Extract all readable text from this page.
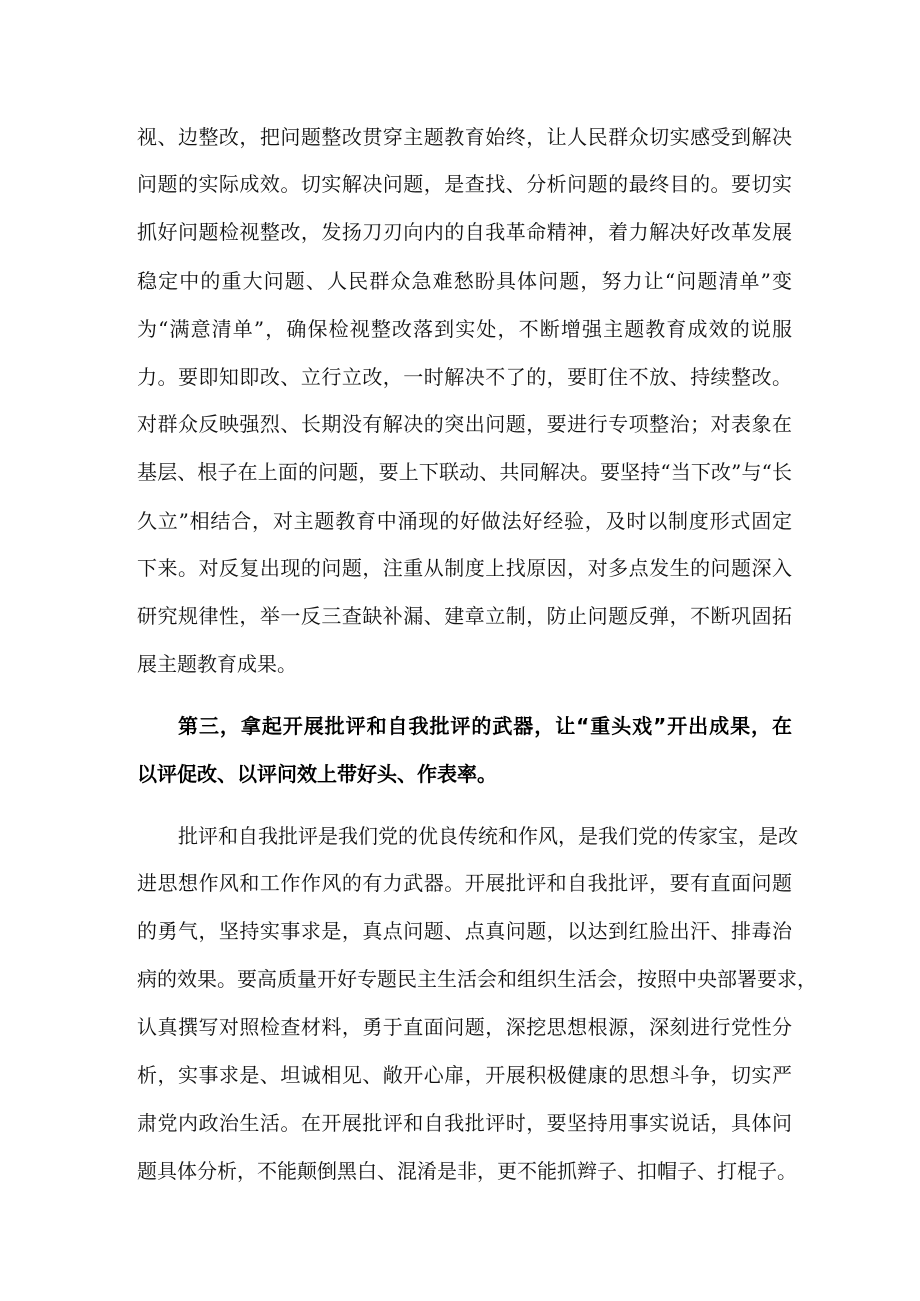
视、边整改，把问题整改贯穿主题教育始终，让人民群众切实感受到解决
问题的实际成效。切实解决问题，是查找、分析问题的最终目的。要切实
抓好问题检视整改，发扬刀刃向内的自我革命精神，着力解决好改革发展
稳定中的重大问题、人民群众急难愁盼具体问题，努力让“问题清单”变
为“满意清单”，确保检视整改落到实处，不断增强主题教育成效的说服
力。要即知即改、立行立改，一时解决不了的，要盯住不放、持续整改。
对群众反映强烈、长期没有解决的突出问题，要进行专项整治；对表象在
基层、根子在上面的问题，要上下联动、共同解决。要坚持“当下改”与“长
久立”相结合，对主题教育中涌现的好做法好经验，及时以制度形式固定
下来。对反复出现的问题，注重从制度上找原因，对多点发生的问题深入
研究规律性，举一反三查缺补漏、建章立制，防止问题反弹，不断巩固拓
展主题教育成果。
第三，拿起开展批评和自我批评的武器，让“重头戏”开出成果，在
以评促改、以评问效上带好头、作表率。
批评和自我批评是我们党的优良传统和作风，是我们党的传家宝，是改
进思想作风和工作作风的有力武器。开展批评和自我批评，要有直面问题
的勇气，坚持实事求是，真点问题、点真问题，以达到红脸出汗、排毒治
病的效果。要高质量开好专题民主生活会和组织生活会，按照中央部署要求，
认真撰写对照检查材料，勇于直面问题，深挖思想根源，深刻进行党性分
析，实事求是、坦诚相见、敞开心扉，开展积极健康的思想斗争，切实严
肃党内政治生活。在开展批评和自我批评时，要坚持用事实说话，具体问
题具体分析，不能颠倒黑白、混淆是非，更不能抓辫子、扣帽子、打棍子。
